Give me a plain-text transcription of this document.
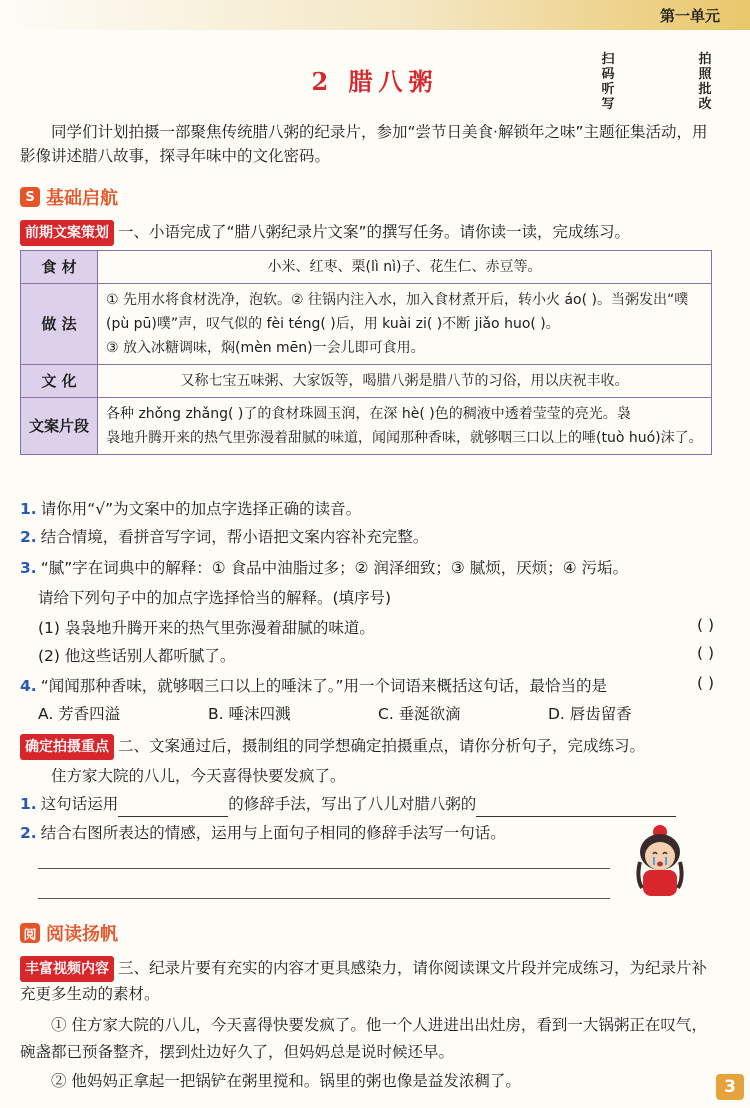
第一单元
扫码听写
拍照批改
2 腊八粥
同学们计划拍摄一部聚焦传统腊八粥的纪录片，参加“尝节日美食·解锁年之味”主题征集活动，用影像讲述腊八故事，探寻年味中的文化密码。
S 基础启航
前期文案策划 一、小语完成了“腊八粥纪录片文案”的撰写任务。请你读一读，完成练习。
食 材	小米、红枣、栗(lì nì)子、花生仁、赤豆等。
做 法	① 先用水将食材洗净，泡软。② 往锅内注入水，加入食材煮开后，转小火 áo( )。当粥发出“噗
(pù pū)噗”声，叹气似的 fèi téng( )后，用 kuài zi( )不断 jiǎo huo( )。
③ 放入冰糖调味，焖(mèn mēn)一会儿即可食用。

文 化	又称七宝五味粥、大家饭等，喝腊八粥是腊八节的习俗，用以庆祝丰收。
文案片段	各种 zhǒng zhǎng( )了的食材珠圆玉润，在深 hè( )色的稠液中透着莹莹的亮光。袅
袅地升腾开来的热气里弥漫着甜腻的味道，闻闻那种香味，就够咽三口以上的唾(tuò huó)沫了。
1. 请你用“√”为文案中的加点字选择正确的读音。
2. 结合情境，看拼音写字词，帮小语把文案内容补充完整。
3. “腻”字在词典中的解释：① 食品中油脂过多；② 润泽细致；③ 腻烦，厌烦；④ 污垢。
请给下列句子中的加点字选择恰当的解释。(填序号)
(1) 袅袅地升腾开来的热气里弥漫着甜腻的味道。	( )
(2) 他这些话别人都听腻了。	( )
4. “闻闻那种香味，就够咽三口以上的唾沫了。”用一个词语来概括这句话，最恰当的是	( )
A. 芳香四溢	B. 唾沫四溅	C. 垂涎欲滴	D. 唇齿留香
确定拍摄重点 二、文案通过后，摄制组的同学想确定拍摄重点，请你分析句子，完成练习。
住方家大院的八儿，今天喜得快要发疯了。
1. 这句话运用	的修辞手法，写出了八儿对腊八粥的
2. 结合右图所表达的情感，运用与上面句子相同的修辞手法写一句话。
阅 阅读扬帆
丰富视频内容 三、纪录片要有充实的内容才更具感染力，请你阅读课文片段并完成练习，为纪录片补充更多生动的素材。
① 住方家大院的八儿，今天喜得快要发疯了。他一个人进进出出灶房，看到一大锅粥正在叹气，碗盏都已预备整齐，摆到灶边好久了，但妈妈总是说时候还早。
② 他妈妈正拿起一把锅铲在粥里搅和。锅里的粥也像是益发浓稠了。	3
